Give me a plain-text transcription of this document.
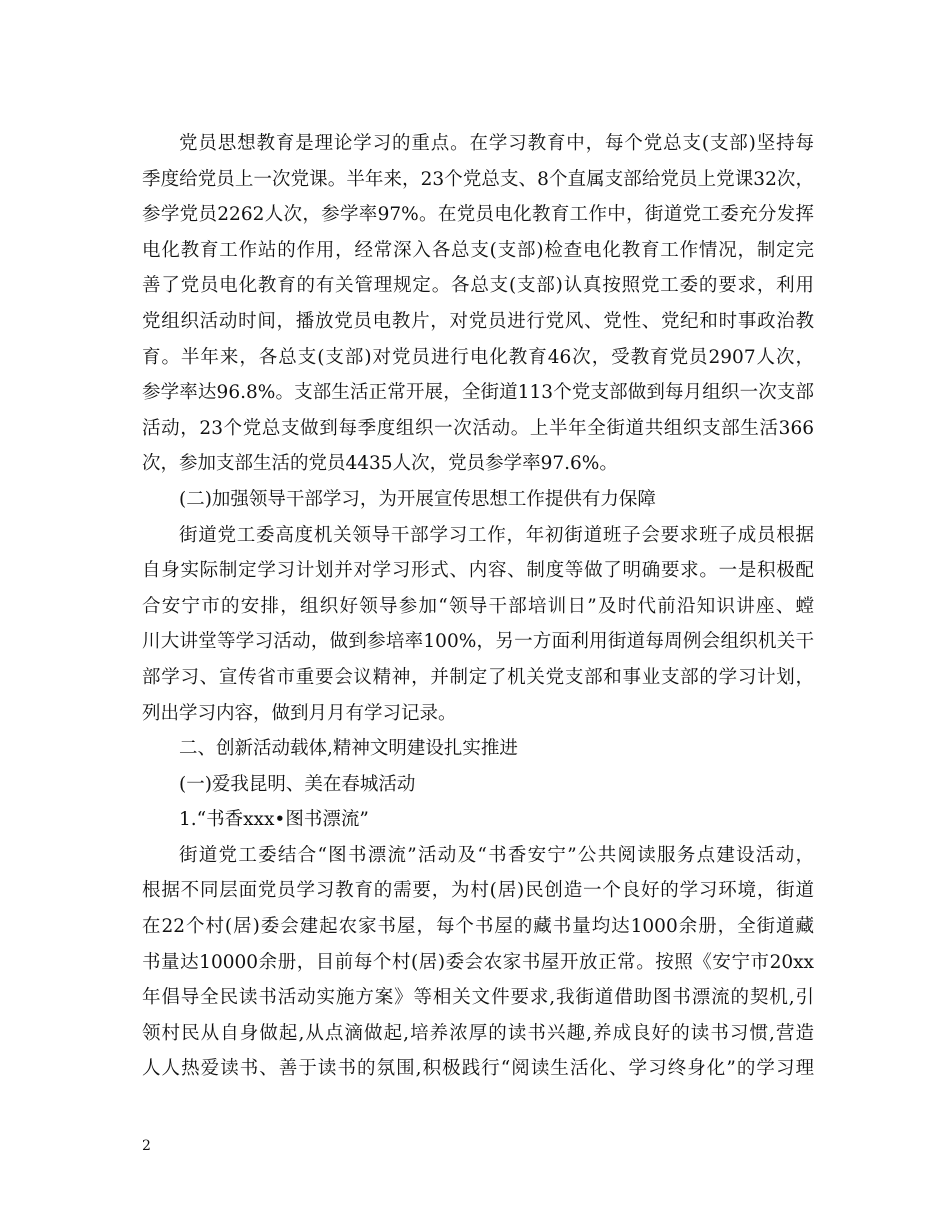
党员思想教育是理论学习的重点。在学习教育中，每个党总支(支部)坚持每
季度给党员上一次党课。半年来，23个党总支、8个直属支部给党员上党课32次，
参学党员2262人次，参学率97%。在党员电化教育工作中，街道党工委充分发挥
电化教育工作站的作用，经常深入各总支(支部)检查电化教育工作情况，制定完
善了党员电化教育的有关管理规定。各总支(支部)认真按照党工委的要求，利用
党组织活动时间，播放党员电教片，对党员进行党风、党性、党纪和时事政治教
育。半年来，各总支(支部)对党员进行电化教育46次，受教育党员2907人次，
参学率达96.8%。支部生活正常开展，全街道113个党支部做到每月组织一次支部
活动，23个党总支做到每季度组织一次活动。上半年全街道共组织支部生活366
次，参加支部生活的党员4435人次，党员参学率97.6%。
(二)加强领导干部学习，为开展宣传思想工作提供有力保障
街道党工委高度机关领导干部学习工作，年初街道班子会要求班子成员根据
自身实际制定学习计划并对学习形式、内容、制度等做了明确要求。一是积极配
合安宁市的安排，组织好领导参加“领导干部培训日”及时代前沿知识讲座、螳
川大讲堂等学习活动，做到参培率100%，另一方面利用街道每周例会组织机关干
部学习、宣传省市重要会议精神，并制定了机关党支部和事业支部的学习计划，
列出学习内容，做到月月有学习记录。
二、创新活动载体,精神文明建设扎实推进
(一)爱我昆明、美在春城活动
1.“书香xxx•图书漂流”
街道党工委结合“图书漂流”活动及“书香安宁”公共阅读服务点建设活动，
根据不同层面党员学习教育的需要，为村(居)民创造一个良好的学习环境，街道
在22个村(居)委会建起农家书屋，每个书屋的藏书量均达1000余册，全街道藏
书量达10000余册，目前每个村(居)委会农家书屋开放正常。按照《安宁市20xx
年倡导全民读书活动实施方案》等相关文件要求,我街道借助图书漂流的契机,引
领村民从自身做起,从点滴做起,培养浓厚的读书兴趣,养成良好的读书习惯,营造
人人热爱读书、善于读书的氛围,积极践行“阅读生活化、学习终身化”的学习理
2
